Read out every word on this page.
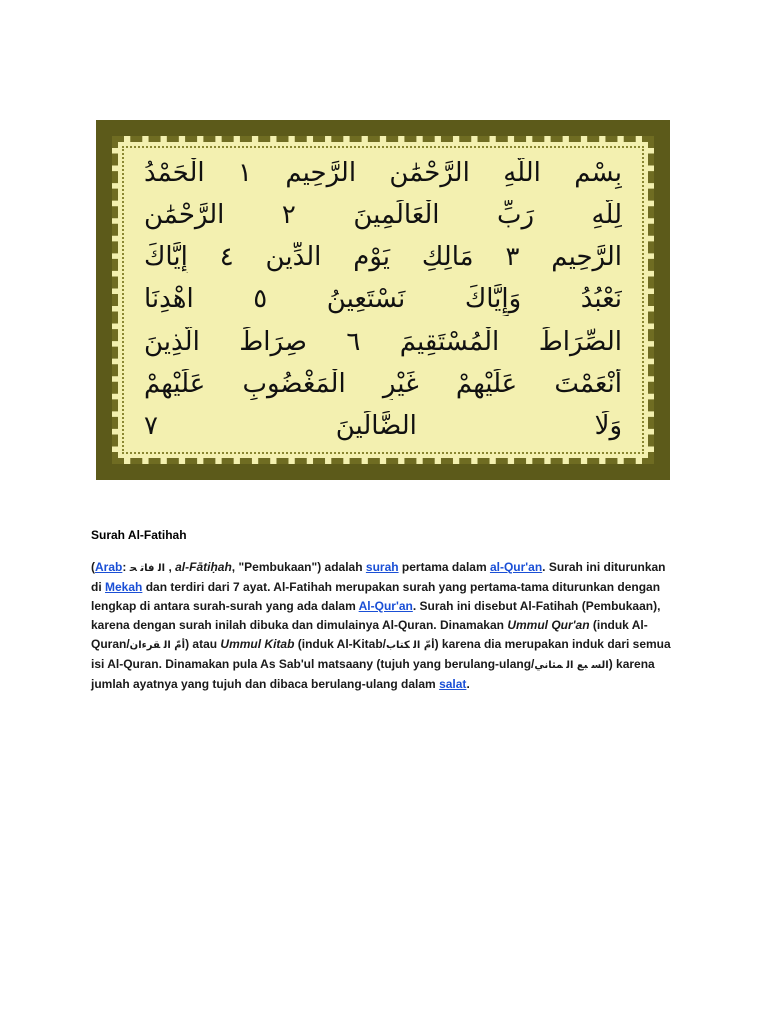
بِسْمِ اللَّهِ الرَّحْمَٰنِ الرَّحِيمِ ١ الْحَمْدُ
لِلَّهِ رَبِّ الْعَالَمِينَ ٢ الرَّحْمَٰنِ
الرَّحِيمِ ٣ مَالِكِ يَوْمِ الدِّينِ ٤ إِيَّاكَ
نَعْبُدُ وَإِيَّاكَ نَسْتَعِينُ ٥ اهْدِنَا
الصِّرَاطَ الْمُسْتَقِيمَ ٦ صِرَاطَ الَّذِينَ
أَنْعَمْتَ عَلَيْهِمْ غَيْرِ الْمَغْضُوبِ عَلَيْهِمْ
وَلَا الضَّالِّينَ ٧
Surah Al-Fatihah
(Arab: ﺍﻟ ﻓﺎﺗ ﺤ , al-Fātiḥah, "Pembukaan") adalah surah pertama dalam al-Qur'an. Surah ini diturunkan di Mekah dan terdiri dari 7 ayat. Al-Fatihah merupakan surah yang pertama-tama diturunkan dengan lengkap di antara surah-surah yang ada dalam Al-Qur'an. Surah ini disebut Al-Fatihah (Pembukaan), karena dengan surah inilah dibuka dan dimulainya Al-Quran. Dinamakan Ummul Qur'an (induk Al-Quran/ﺃﻡّ ﺍﻟ ﻘﺮﺀﺍﻥ) atau Ummul Kitab (induk Al-Kitab/ﺃﻡّ ﺍﻟ ﻜﺘﺎﺏ) karena dia merupakan induk dari semua isi Al-Quran. Dinamakan pula As Sab'ul matsaany (tujuh yang berulang-ulang/ﺍﻟﺴ ﺒﻊ ﺍﻟ ﻤﺜﺎﻧﻲ) karena jumlah ayatnya yang tujuh dan dibaca berulang-ulang dalam salat.
